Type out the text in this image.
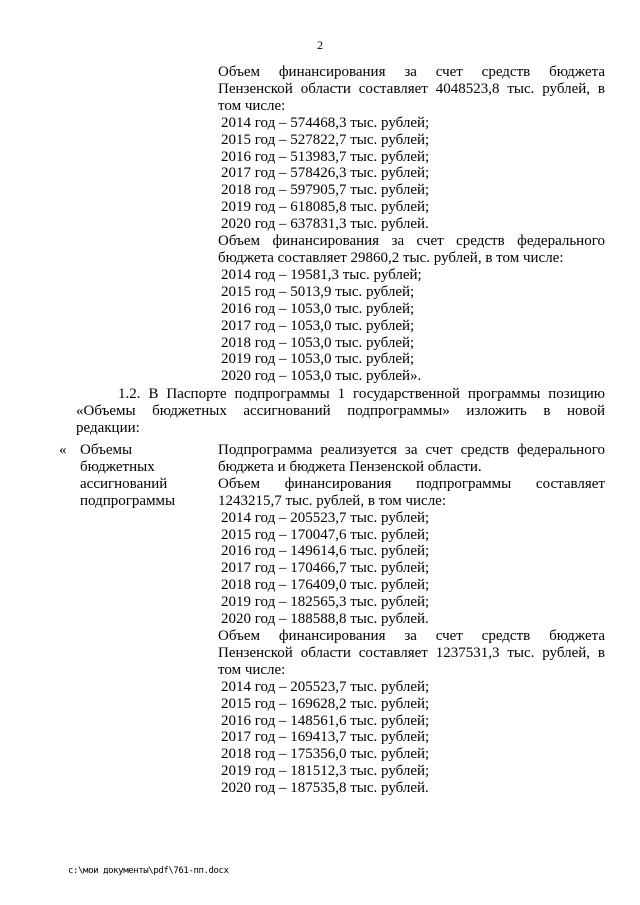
2

Объем финансирования за счет средств бюджета

Пензенской области составляет 4048523,8 тыс. рублей, в

том числе:

2014 год – 574468,3 тыс. рублей;

2015 год – 527822,7 тыс. рублей;

2016 год – 513983,7 тыс. рублей;

2017 год – 578426,3 тыс. рублей;

2018 год – 597905,7 тыс. рублей;

2019 год – 618085,8 тыс. рублей;

2020 год – 637831,3 тыс. рублей.

Объем финансирования за счет средств федерального

бюджета составляет 29860,2 тыс. рублей, в том числе:

2014 год – 19581,3 тыс. рублей;

2015 год – 5013,9 тыс. рублей;

2016 год – 1053,0 тыс. рублей;

2017 год – 1053,0 тыс. рублей;

2018 год – 1053,0 тыс. рублей;

2019 год – 1053,0 тыс. рублей;

2020 год – 1053,0 тыс. рублей».

1.2. В Паспорте подпрограммы 1 государственной программы позицию

«Объемы бюджетных ассигнований подпрограммы» изложить в новой

редакции:

« Объемы
бюджетных
ассигнований
подпрограммы

Подпрограмма реализуется за счет средств федерального

бюджета и бюджета Пензенской области.

Объем финансирования подпрограммы составляет

1243215,7 тыс. рублей, в том числе:

2014 год – 205523,7 тыс. рублей;

2015 год – 170047,6 тыс. рублей;

2016 год – 149614,6 тыс. рублей;

2017 год – 170466,7 тыс. рублей;

2018 год – 176409,0 тыс. рублей;

2019 год – 182565,3 тыс. рублей;

2020 год – 188588,8 тыс. рублей.

Объем финансирования за счет средств бюджета

Пензенской области составляет 1237531,3 тыс. рублей, в

том числе:

2014 год – 205523,7 тыс. рублей;

2015 год – 169628,2 тыс. рублей;

2016 год – 148561,6 тыс. рублей;

2017 год – 169413,7 тыс. рублей;

2018 год – 175356,0 тыс. рублей;

2019 год – 181512,3 тыс. рублей;

2020 год – 187535,8 тыс. рублей.

c:\мои документы\pdf\761-пп.docx
